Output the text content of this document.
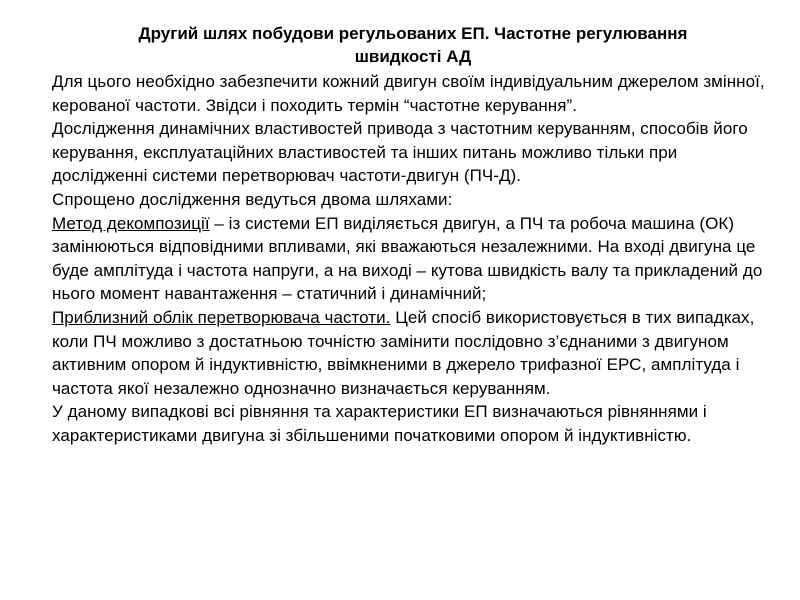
Другий шлях побудови регульованих ЕП. Частотне регулювання
швидкості АД

Для цього необхідно забезпечити кожний двигун своїм індивідуальним джерелом змінної, керованої частоти. Звідси і походить термін “частотне керування”.

Дослідження динамічних властивостей привода з частотним керуванням, способів його керування, експлуатаційних властивостей та інших питань можливо тільки при дослідженні системи перетворювач частоти-двигун (ПЧ-Д).

Спрощено дослідження ведуться двома шляхами:

Метод декомпозиції – із системи ЕП виділяється двигун, а ПЧ та робоча машина (ОК) замінюються відповідними впливами, які вважаються незалежними. На вході двигуна це буде амплітуда і частота напруги, а на виході – кутова швидкість валу та прикладений до нього момент навантаження – статичний і динамічний;

Приблизний облік перетворювача частоти. Цей спосіб використовується в тих випадках, коли ПЧ можливо з достатньою точністю замінити послідовно з’єднаними з двигуном активним опором й індуктивністю, ввімкненими в джерело трифазної ЕРС, амплітуда і частота якої незалежно однозначно визначається керуванням.

У даному випадкові всі рівняння та характеристики ЕП визначаються рівняннями і характеристиками двигуна зі збільшеними початковими опором й індуктивністю.
